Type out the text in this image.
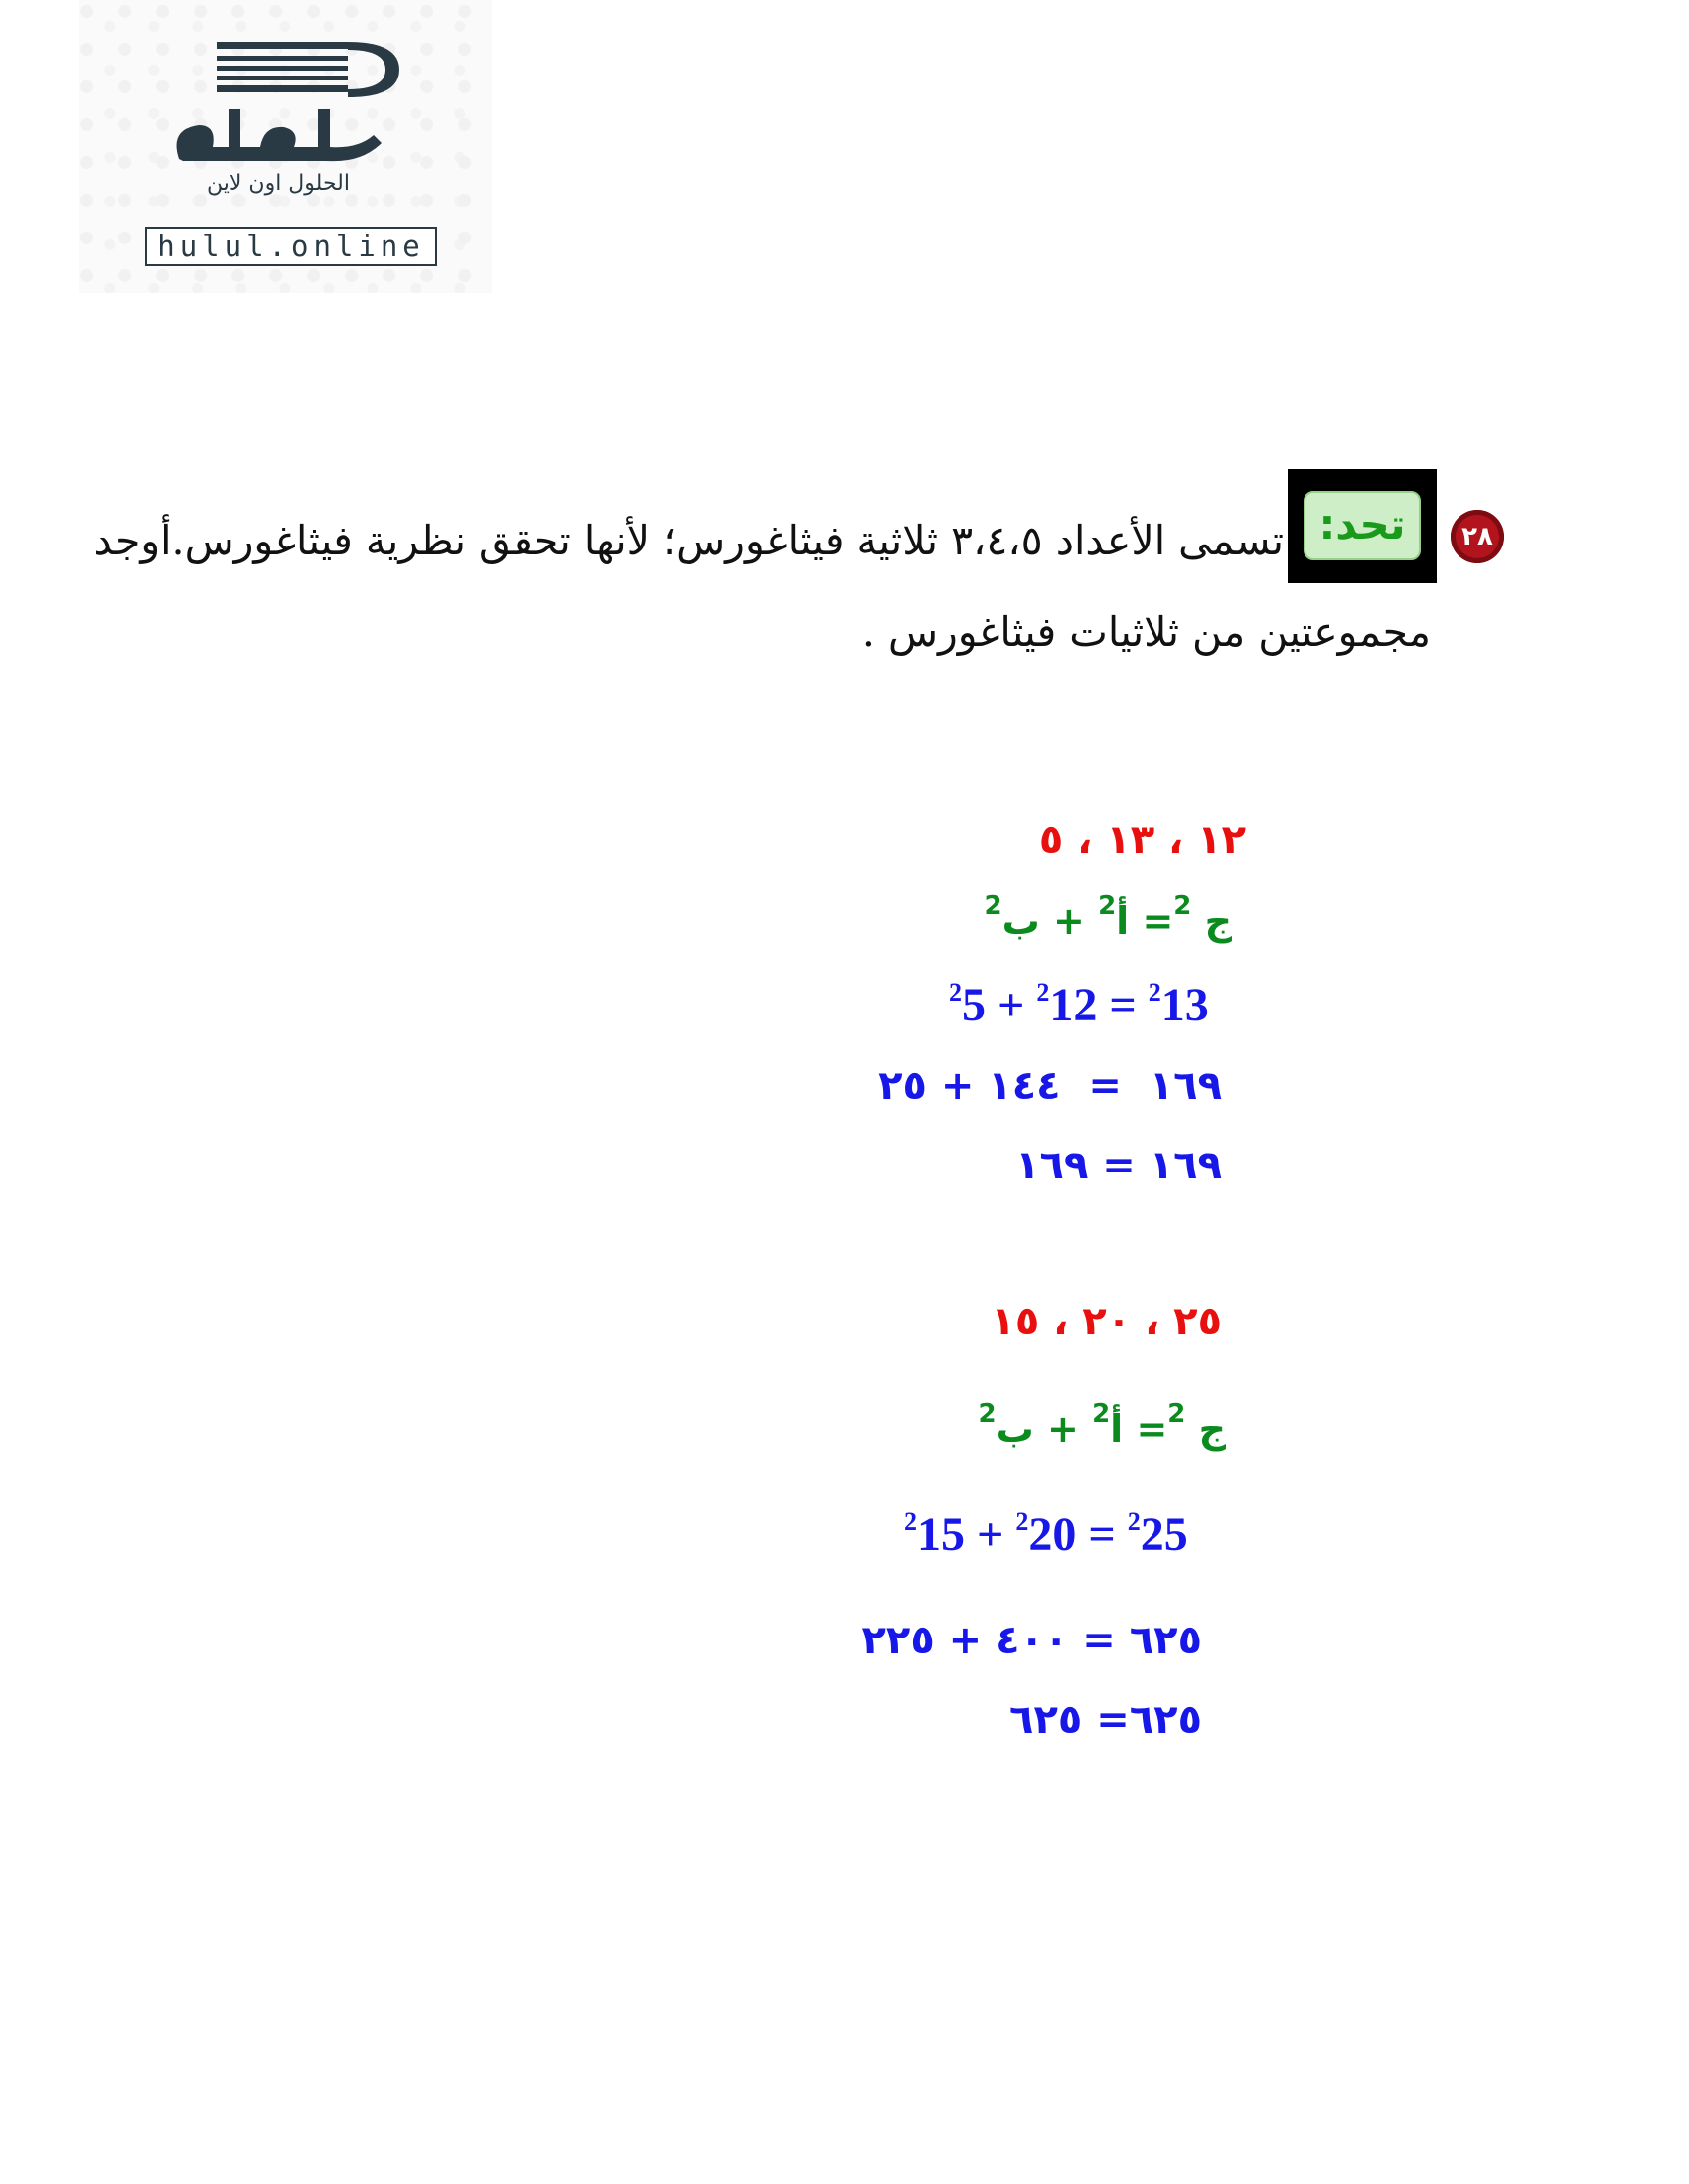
الحلول اون لاين
hulul.online
٢٨
تحد:
تسمى الأعداد ٣،٤،٥ ثلاثية فيثاغورس؛ لأنها تحقق نظرية فيثاغورس.أوجد
مجموعتين من ثلاثيات فيثاغورس .
١٢ ، ١٣ ، ٥
ج $^2$= أ$^2$ + ب$^2$
$^2$5 + $^2$12 = $^2$13
١٦٩  =  ١٤٤ + ٢٥
١٦٩ = ١٦٩
٢٥ ، ٢٠ ، ١٥
ج $^2$= أ$^2$ + ب$^2$
$^2$15 + $^2$20 = $^2$25
٦٢٥ = ٤٠٠ + ٢٢٥
٦٢٥= ٦٢٥
